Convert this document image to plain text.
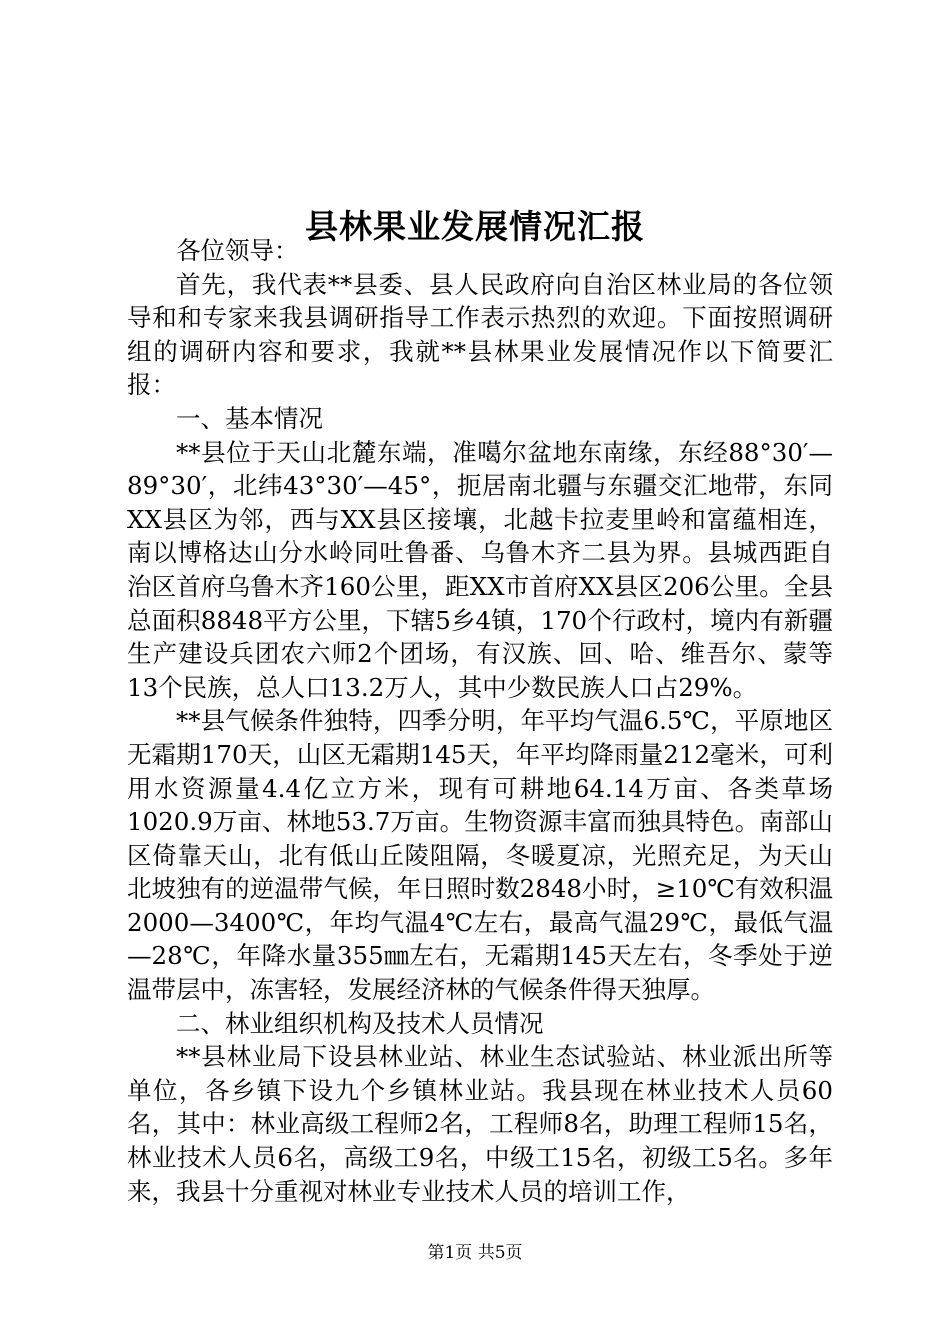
县林果业发展情况汇报

各位领导：

首先，我代表**县委、县人民政府向自治区林业局的各位领导和和专家来我县调研指导工作表示热烈的欢迎。下面按照调研组的调研内容和要求，我就**县林果业发展情况作以下简要汇报：

一、基本情况

**县位于天山北麓东端，准噶尔盆地东南缘，东经88°30′—89°30′，北纬43°30′—45°，扼居南北疆与东疆交汇地带，东同XX县区为邻，西与XX县区接壤，北越卡拉麦里岭和富蕴相连，南以博格达山分水岭同吐鲁番、乌鲁木齐二县为界。县城西距自治区首府乌鲁木齐160公里，距XX市首府XX县区206公里。全县总面积8848平方公里，下辖5乡4镇，170个行政村，境内有新疆生产建设兵团农六师2个团场，有汉族、回、哈、维吾尔、蒙等13个民族，总人口13.2万人，其中少数民族人口占29%。

**县气候条件独特，四季分明，年平均气温6.5℃，平原地区无霜期170天，山区无霜期145天，年平均降雨量212毫米，可利用水资源量4.4亿立方米，现有可耕地64.14万亩、各类草场1020.9万亩、林地53.7万亩。生物资源丰富而独具特色。南部山区倚靠天山，北有低山丘陵阻隔，冬暖夏凉，光照充足，为天山北坡独有的逆温带气候，年日照时数2848小时，≥10℃有效积温2000—3400℃，年均气温4℃左右，最高气温29℃，最低气温—28℃，年降水量355㎜左右，无霜期145天左右，冬季处于逆温带层中，冻害轻，发展经济林的气候条件得天独厚。

二、林业组织机构及技术人员情况

**县林业局下设县林业站、林业生态试验站、林业派出所等单位，各乡镇下设九个乡镇林业站。我县现在林业技术人员60名，其中：林业高级工程师2名，工程师8名，助理工程师15名，林业技术人员6名，高级工9名，中级工15名，初级工5名。多年来，我县十分重视对林业专业技术人员的培训工作，

第1页 共5页
